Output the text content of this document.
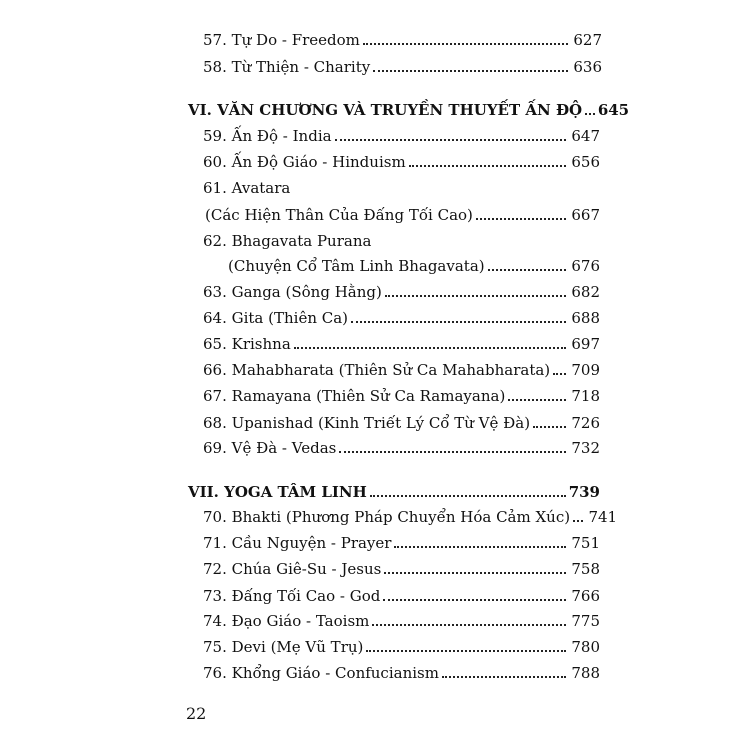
57. Tự Do - Freedom	627
58. Từ Thiện - Charity	636
VI. VĂN CHƯƠNG VÀ TRUYỀN THUYẾT ẤN ĐỘ 645
59. Ấn Độ - India	647
60. Ấn Độ Giáo - Hinduism	656
61. Avatara
(Các Hiện Thân Của Đấng Tối Cao)	667
62. Bhagavata Purana
(Chuyện Cổ Tâm Linh Bhagavata)	676
63. Ganga (Sông Hằng)	682
64. Gita (Thiên Ca)	688
65. Krishna	697
66. Mahabharata (Thiên Sử Ca Mahabharata)	709
67. Ramayana (Thiên Sử Ca Ramayana)	718
68. Upanishad (Kinh Triết Lý Cổ Từ Vệ Đà)	726
69. Vệ Đà - Vedas	732
VII. YOGA TÂM LINH	739
70. Bhakti (Phương Pháp Chuyển Hóa Cảm Xúc)	741
71. Cầu Nguyện - Prayer	751
72. Chúa Giê-Su - Jesus	758
73. Đấng Tối Cao - God	766
74. Đạo Giáo - Taoism	775
75. Devi (Mẹ Vũ Trụ)	780
76. Khổng Giáo - Confucianism	788
22
